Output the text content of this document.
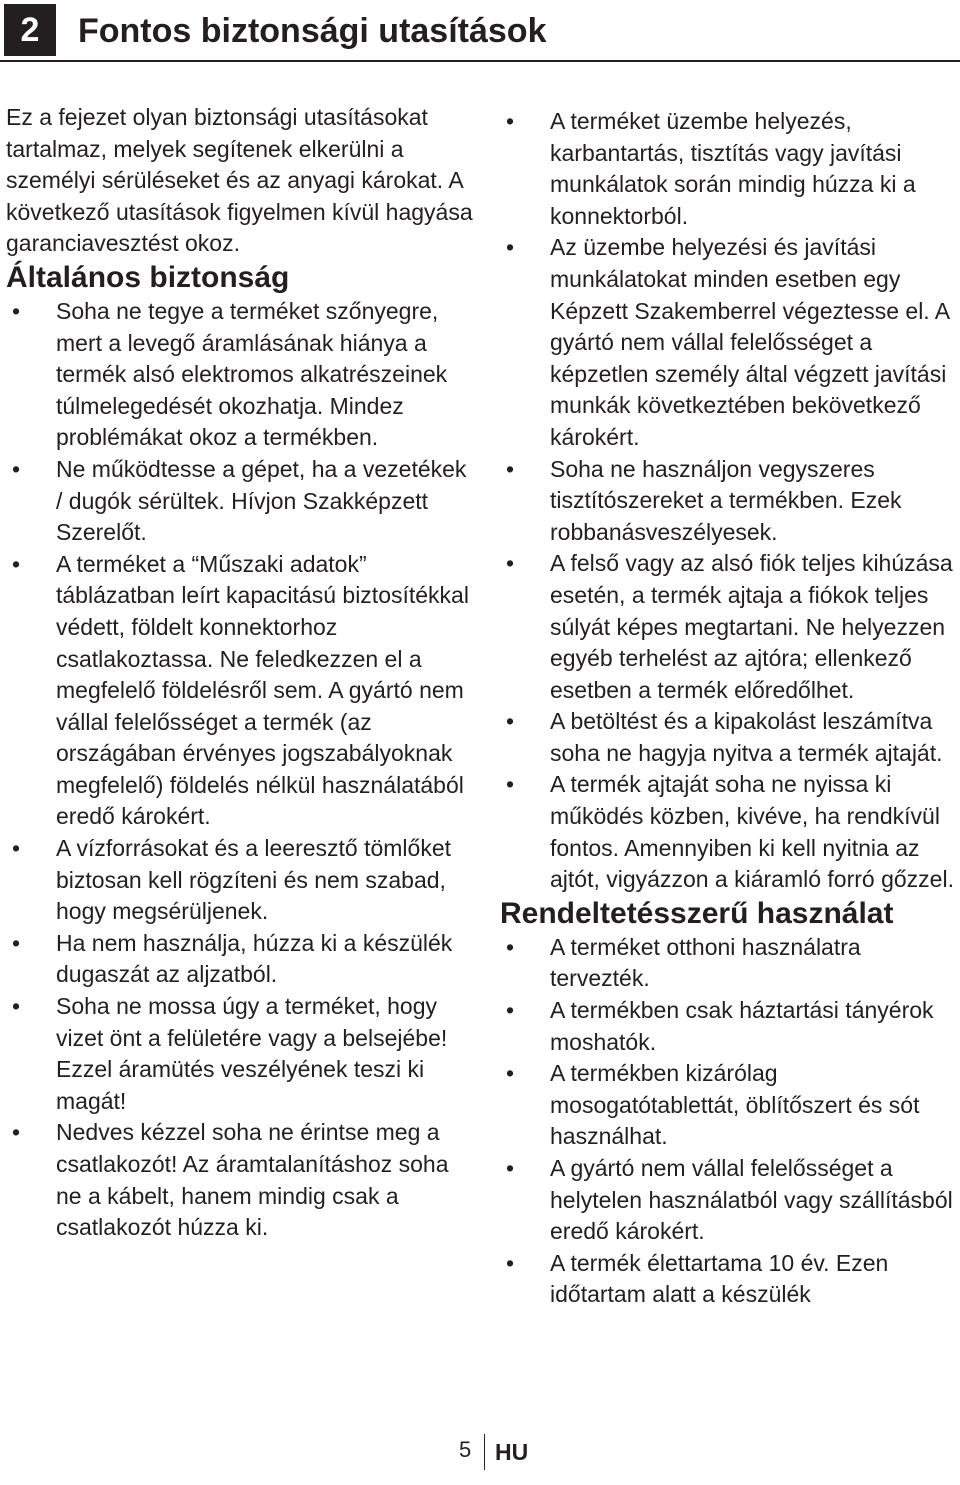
2	Fontos biztonsági utasítások

Ez a fejezet olyan biztonsági utasításokat tartalmaz, melyek segítenek elkerülni a személyi sérüléseket és az anyagi károkat. A következő utasítások figyelmen kívül hagyása garanciavesztést okoz.

Általános biztonság
• Soha ne tegye a terméket szőnyegre, mert a levegő áramlásának hiánya a termék alsó elektromos alkatrészeinek túlmelegedését okozhatja. Mindez problémákat okoz a termékben.
• Ne működtesse a gépet, ha a vezetékek / dugók sérültek. Hívjon Szakképzett Szerelőt.
• A terméket a “Műszaki adatok” táblázatban leírt kapacitású biztosítékkal védett, földelt konnektorhoz csatlakoztassa. Ne feledkezzen el a megfelelő földelésről sem. A gyártó nem vállal felelősséget a termék (az országában érvényes jogszabályoknak megfelelő) földelés nélkül használatából eredő károkért.
• A vízforrásokat és a leeresztő tömlőket biztosan kell rögzíteni és nem szabad, hogy megsérüljenek.
• Ha nem használja, húzza ki a készülék dugaszát az aljzatból.
• Soha ne mossa úgy a terméket, hogy vizet önt a felületére vagy a belsejébe! Ezzel áramütés veszélyének teszi ki magát!
• Nedves kézzel soha ne érintse meg a csatlakozót! Az áramtalanításhoz soha ne a kábelt, hanem mindig csak a csatlakozót húzza ki.
• A terméket üzembe helyezés, karbantartás, tisztítás vagy javítási munkálatok során mindig húzza ki a konnektorból.
• Az üzembe helyezési és javítási munkálatokat minden esetben egy Képzett Szakemberrel végeztesse el. A gyártó nem vállal felelősséget a képzetlen személy által végzett javítási munkák következtében bekövetkező károkért.
• Soha ne használjon vegyszeres tisztítószereket a termékben. Ezek robbanásveszélyesek.
• A felső vagy az alsó fiók teljes kihúzása esetén, a termék ajtaja a fiókok teljes súlyát képes megtartani. Ne helyezzen egyéb terhelést az ajtóra; ellenkező esetben a termék előredőlhet.
• A betöltést és a kipakolást leszámítva soha ne hagyja nyitva a termék ajtaját.
• A termék ajtaját soha ne nyissa ki működés közben, kivéve, ha rendkívül fontos. Amennyiben ki kell nyitnia az ajtót, vigyázzon a kiáramló forró gőzzel.
Rendeltetésszerű használat
• A terméket otthoni használatra tervezték.
• A termékben csak háztartási tányérok moshatók.
• A termékben kizárólag mosogatótablettát, öblítőszert és sót használhat.
• A gyártó nem vállal felelősséget a helytelen használatból vagy szállításból eredő károkért.
• A termék élettartama 10 év. Ezen időtartam alatt a készülék
5 HU
